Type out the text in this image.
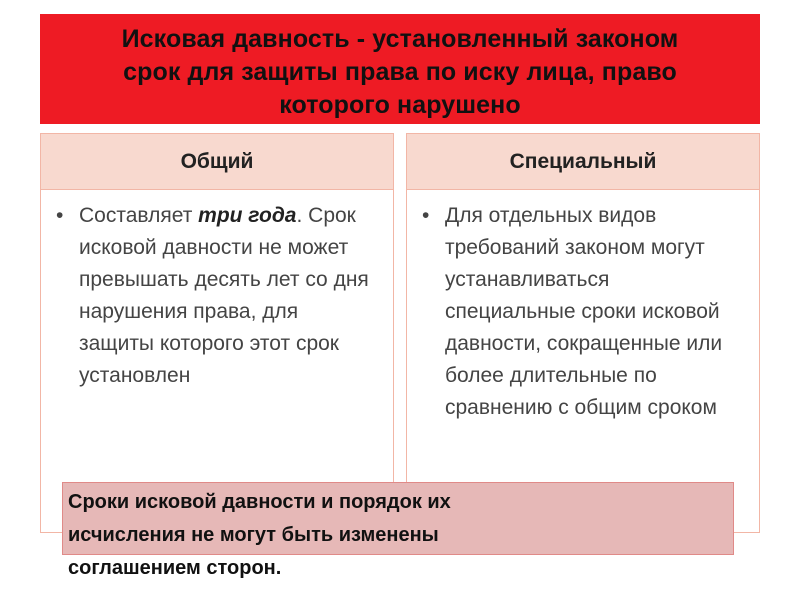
Исковая давность - установленный законом
срок для защиты права по иску лица, право
которого нарушено
Общий
• Составляет три года. Срок исковой давности не может превышать десять лет со дня нарушения права, для защиты которого этот срок установлен
Специальный
• Для отдельных видов требований законом могут устанавливаться специальные сроки исковой давности, сокращенные или более длительные по сравнению с общим сроком
Сроки исковой давности и порядок их
исчисления не могут быть изменены
соглашением сторон.
